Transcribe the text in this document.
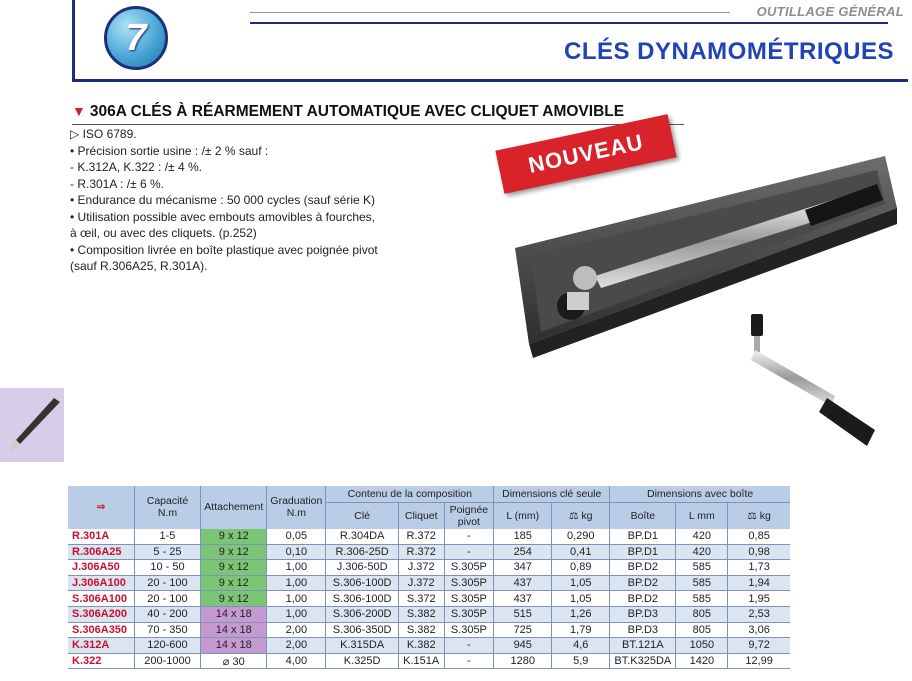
OUTILLAGE GÉNÉRAL
CLÉS DYNAMOMÉTRIQUES
7
▼ 306A CLÉS À RÉARMEMENT AUTOMATIQUE AVEC CLIQUET AMOVIBLE
▷ ISO 6789.
• Précision sortie usine : /± 2 % sauf :
- K.312A, K.322 : /± 4 %.
- R.301A : /± 6 %.
• Endurance du mécanisme : 50 000 cycles (sauf série K)
• Utilisation possible avec embouts amovibles à fourches,
à œil, ou avec des cliquets. (p.252)
• Composition livrée en boîte plastique avec poignée pivot
(sauf R.306A25, R.301A).
NOUVEAU
⇒	Capacité N.m	Attachement	Graduation N.m	Contenu de la composition			Dimensions clé seule		Dimensions avec boîte		
				Clé	Cliquet	Poignée pivot	L (mm)	⚖ kg	Boîte	L mm	⚖ kg
R.301A	1-5	9 x 12	0,05	R.304DA	R.372	-	185	0,290	BP.D1	420	0,85
R.306A25	5 - 25	9 x 12	0,10	R.306-25D	R.372	-	254	0,41	BP.D1	420	0,98
J.306A50	10 - 50	9 x 12	1,00	J.306-50D	J.372	S.305P	347	0,89	BP.D2	585	1,73
J.306A100	20 - 100	9 x 12	1,00	S.306-100D	J.372	S.305P	437	1,05	BP.D2	585	1,94
S.306A100	20 - 100	9 x 12	1,00	S.306-100D	S.372	S.305P	437	1,05	BP.D2	585	1,95
S.306A200	40 - 200	14 x 18	1,00	S.306-200D	S.382	S.305P	515	1,26	BP.D3	805	2,53
S.306A350	70 - 350	14 x 18	2,00	S.306-350D	S.382	S.305P	725	1,79	BP.D3	805	3,06
K.312A	120-600	14 x 18	2,00	K.315DA	K.382	-	945	4,6	BT.121A	1050	9,72
K.322	200-1000	⌀ 30	4,00	K.325D	K.151A	-	1280	5,9	BT.K325DA	1420	12,99
